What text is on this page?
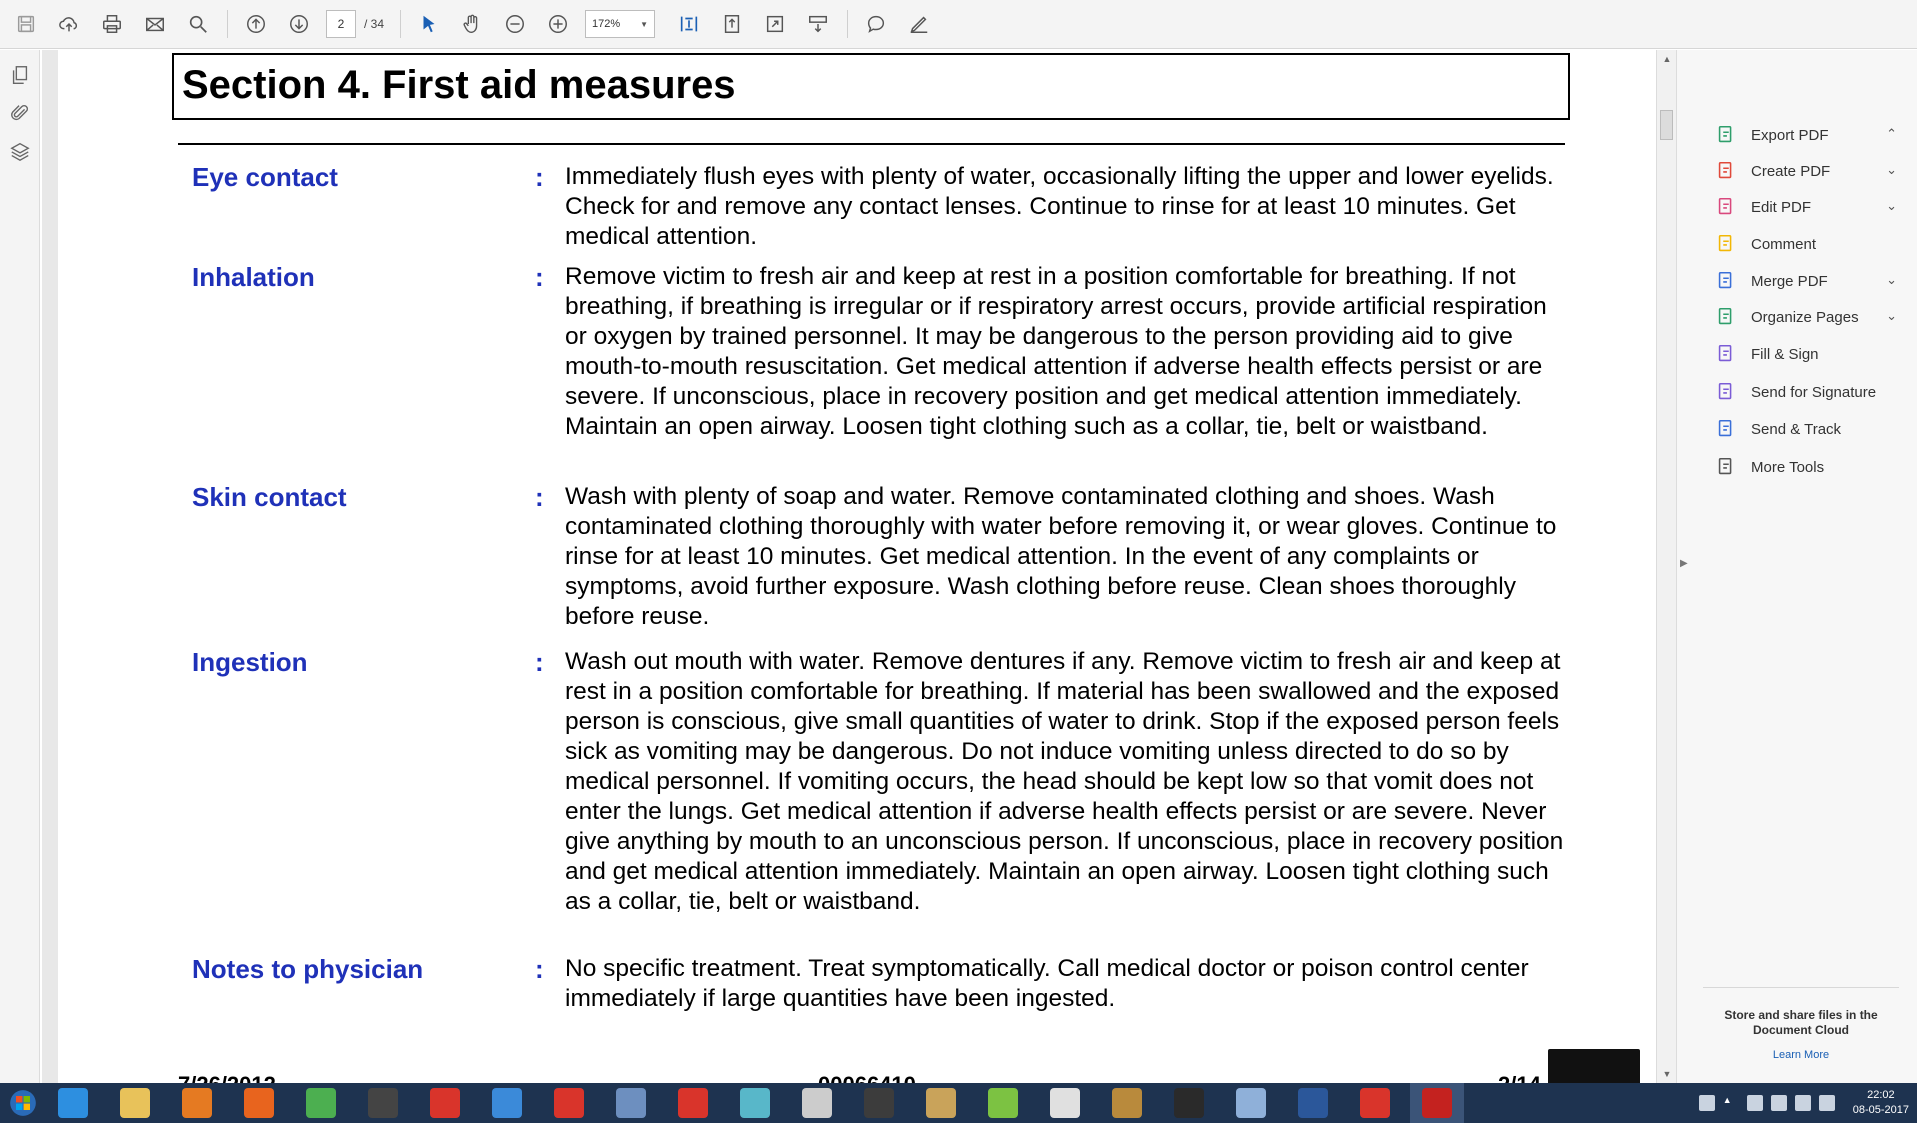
2	/ 34	172% ▼
Section 4. First aid measures
Eye contact	: Immediately flush eyes with plenty of water, occasionally lifting the upper and lower eyelids. Check for and remove any contact lenses. Continue to rinse for at least 10 minutes. Get medical attention.
Inhalation	: Remove victim to fresh air and keep at rest in a position comfortable for breathing. If not breathing, if breathing is irregular or if respiratory arrest occurs, provide artificial respiration or oxygen by trained personnel. It may be dangerous to the person providing aid to give mouth-to-mouth resuscitation. Get medical attention if adverse health effects persist or are severe. If unconscious, place in recovery position and get medical attention immediately. Maintain an open airway. Loosen tight clothing such as a collar, tie, belt or waistband.
Skin contact	: Wash with plenty of soap and water. Remove contaminated clothing and shoes. Wash contaminated clothing thoroughly with water before removing it, or wear gloves. Continue to rinse for at least 10 minutes. Get medical attention. In the event of any complaints or symptoms, avoid further exposure. Wash clothing before reuse. Clean shoes thoroughly before reuse.
Ingestion	: Wash out mouth with water. Remove dentures if any. Remove victim to fresh air and keep at rest in a position comfortable for breathing. If material has been swallowed and the exposed person is conscious, give small quantities of water to drink. Stop if the exposed person feels sick as vomiting may be dangerous. Do not induce vomiting unless directed to do so by medical personnel. If vomiting occurs, the head should be kept low so that vomit does not enter the lungs. Get medical attention if adverse health effects persist or are severe. Never give anything by mouth to an unconscious person. If unconscious, place in recovery position and get medical attention immediately. Maintain an open airway. Loosen tight clothing such as a collar, tie, belt or waistband.
Notes to physician	: No specific treatment. Treat symptomatically. Call medical doctor or poison control center immediately if large quantities have been ingested.
▲
▼
▶
Export PDF	⌃
Create PDF	⌄
Edit PDF	⌄
Comment
Merge PDF	⌄
Organize Pages ⌄
Fill & Sign
Send for Signature
Send & Track
More Tools
Store and share files in the Document Cloud
Learn More
▲	22:02
08-05-2017
